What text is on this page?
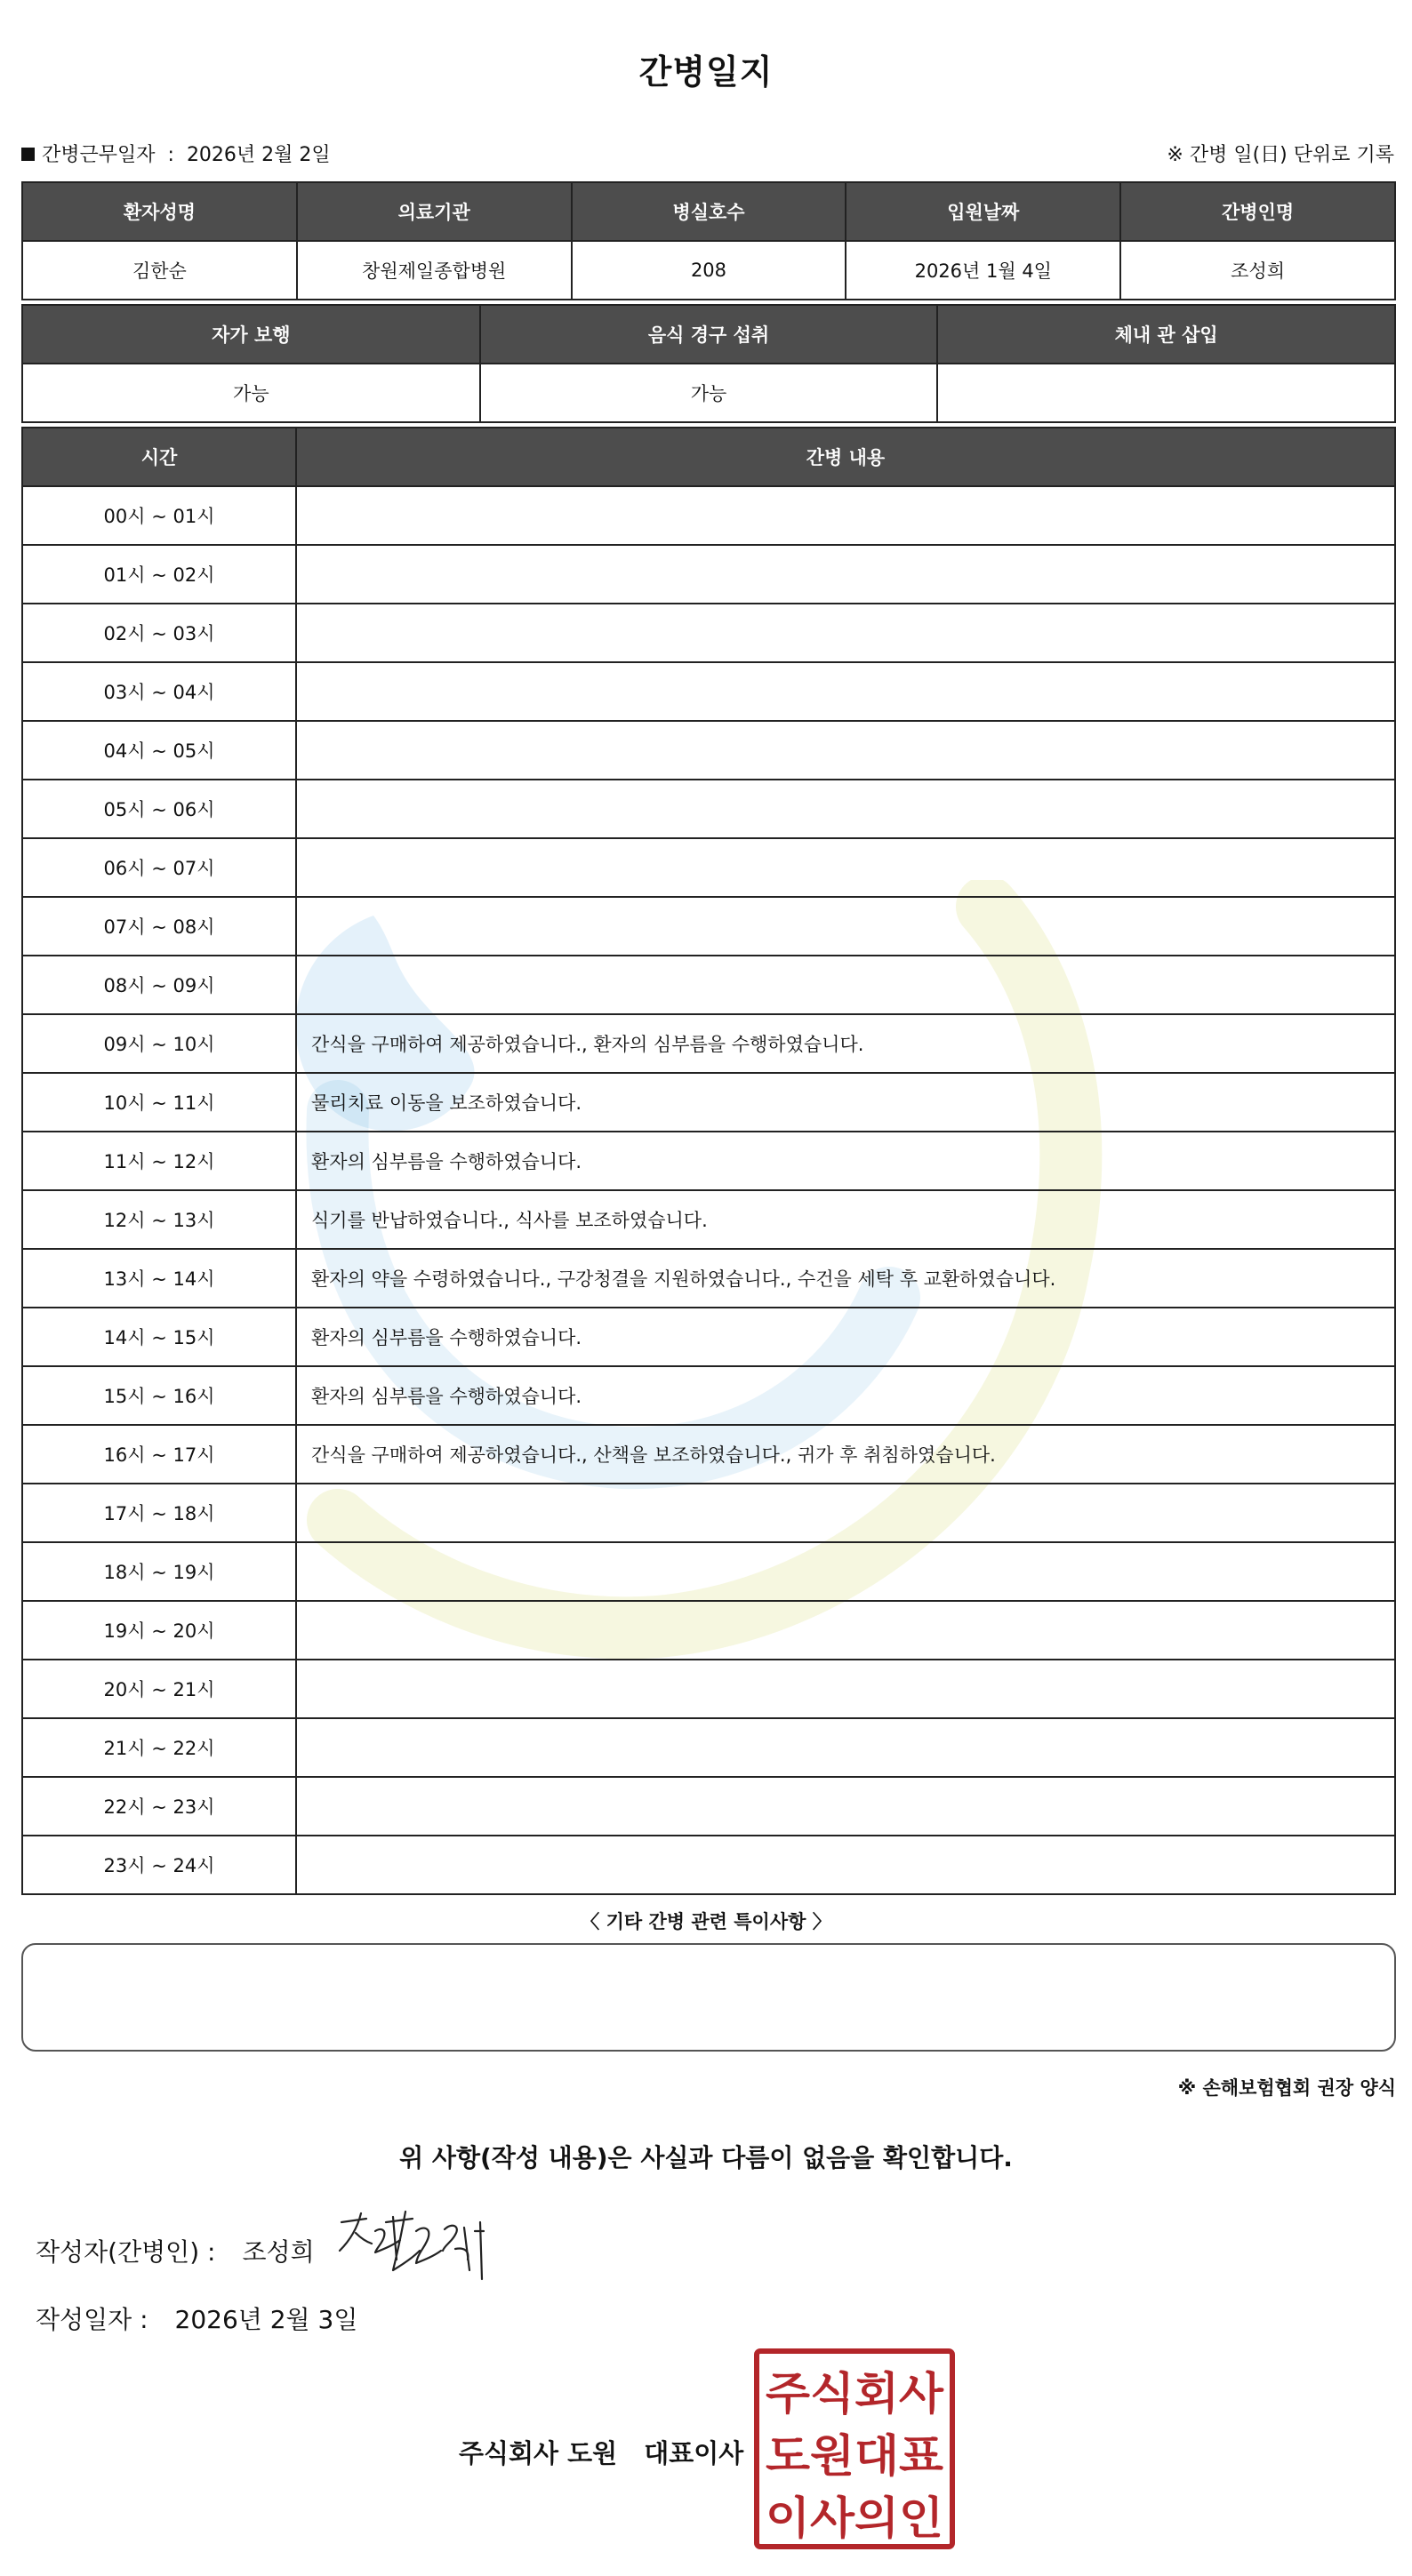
간병일지
간병근무일자 : 2026년 2월 2일	※ 간병 일(日) 단위로 기록
환자성명	의료기관	병실호수	입원날짜	간병인명
김한순	창원제일종합병원	208	2026년 1월 4일	조성희
자가 보행	음식 경구 섭취	체내 관 삽입
가능	가능	
시간	간병 내용
00시 ~ 01시	
01시 ~ 02시	
02시 ~ 03시	
03시 ~ 04시	
04시 ~ 05시	
05시 ~ 06시	
06시 ~ 07시	
07시 ~ 08시	
08시 ~ 09시	
09시 ~ 10시	간식을 구매하여 제공하였습니다., 환자의 심부름을 수행하였습니다.
10시 ~ 11시	물리치료 이동을 보조하였습니다.
11시 ~ 12시	환자의 심부름을 수행하였습니다.
12시 ~ 13시	식기를 반납하였습니다., 식사를 보조하였습니다.
13시 ~ 14시	환자의 약을 수령하였습니다., 구강청결을 지원하였습니다., 수건을 세탁 후 교환하였습니다.
14시 ~ 15시	환자의 심부름을 수행하였습니다.
15시 ~ 16시	환자의 심부름을 수행하였습니다.
16시 ~ 17시	간식을 구매하여 제공하였습니다., 산책을 보조하였습니다., 귀가 후 취침하였습니다.
17시 ~ 18시	
18시 ~ 19시	
19시 ~ 20시	
20시 ~ 21시	
21시 ~ 22시	
22시 ~ 23시	
23시 ~ 24시	
〈 기타 간병 관련 특이사항 〉
※ 손해보험협회 권장 양식
위 사항(작성 내용)은 사실과 다름이 없음을 확인합니다.
작성자(간병인) : 조성희
작성일자 : 2026년 2월 3일
주식회사 도원 대표이사
주식회사
도원대표
이사의인
